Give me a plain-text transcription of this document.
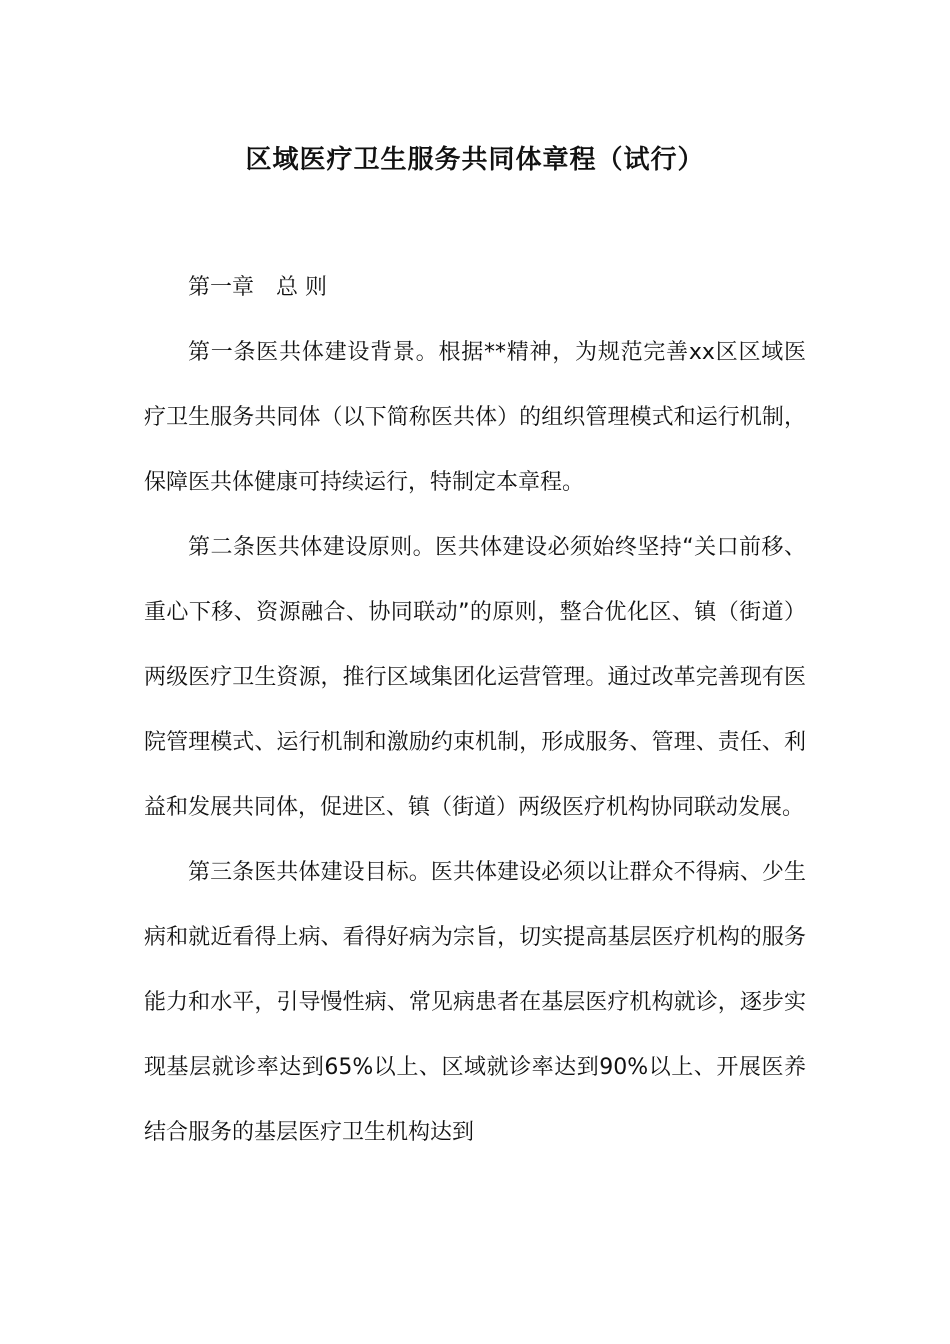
区域医疗卫生服务共同体章程（试行）

第一章　总 则

第一条医共体建设背景。根据**精神，为规范完善xx区区域医疗卫生服务共同体（以下简称医共体）的组织管理模式和运行机制，保障医共体健康可持续运行，特制定本章程。

第二条医共体建设原则。医共体建设必须始终坚持“关口前移、重心下移、资源融合、协同联动”的原则，整合优化区、镇（街道）两级医疗卫生资源，推行区域集团化运营管理。通过改革完善现有医院管理模式、运行机制和激励约束机制，形成服务、管理、责任、利益和发展共同体，促进区、镇（街道）两级医疗机构协同联动发展。

第三条医共体建设目标。医共体建设必须以让群众不得病、少生病和就近看得上病、看得好病为宗旨，切实提高基层医疗机构的服务能力和水平，引导慢性病、常见病患者在基层医疗机构就诊，逐步实现基层就诊率达到65%以上、区域就诊率达到90%以上、开展医养结合服务的基层医疗卫生机构达到
